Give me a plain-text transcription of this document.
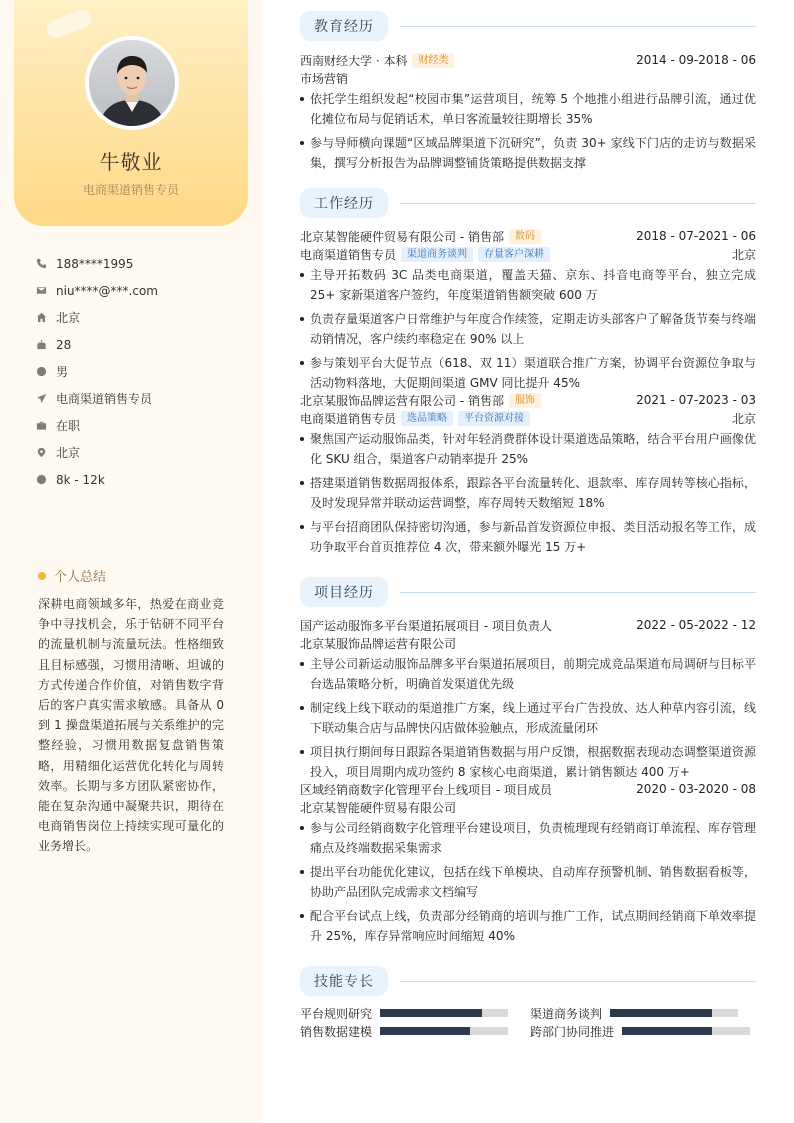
牛敬业
电商渠道销售专员
188****1995
niu****@***.com
北京
28
男
电商渠道销售专员
在职
北京
8k - 12k
个人总结

深耕电商领域多年，热爱在商业竞争中寻找机会，乐于钻研不同平台的流量机制与流量玩法。性格细致且目标感强，习惯用清晰、坦诚的方式传递合作价值，对销售数字背后的客户真实需求敏感。具备从 0 到 1 操盘渠道拓展与关系维护的完整经验，习惯用数据复盘销售策略，用精细化运营优化转化与周转效率。长期与多方团队紧密协作，能在复杂沟通中凝聚共识，期待在电商销售岗位上持续实现可量化的业务增长。

教育经历
西南财经大学 · 本科	财经类	2014 - 09-2018 - 06
市场营销
依托学生组织发起“校园市集”运营项目，统筹 5 个地推小组进行品牌引流，通过优化摊位布局与促销话术，单日客流量较往期增长 35%
参与导师横向课题“区域品牌渠道下沉研究”，负责 30+ 家线下门店的走访与数据采集，撰写分析报告为品牌调整铺货策略提供数据支撑
工作经历
北京某智能硬件贸易有限公司 - 销售部	数码	2018 - 07-2021 - 06
电商渠道销售专员	渠道商务谈判	存量客户深耕	北京
主导开拓数码 3C 品类电商渠道，覆盖天猫、京东、抖音电商等平台，独立完成 25+ 家新渠道客户签约，年度渠道销售额突破 600 万
负责存量渠道客户日常维护与年度合作续签，定期走访头部客户了解备货节奏与终端动销情况，客户续约率稳定在 90% 以上
参与策划平台大促节点（618、双 11）渠道联合推广方案，协调平台资源位争取与活动物料落地，大促期间渠道 GMV 同比提升 45%
北京某服饰品牌运营有限公司 - 销售部	服饰	2021 - 07-2023 - 03
电商渠道销售专员	选品策略	平台资源对接	北京
聚焦国产运动服饰品类，针对年轻消费群体设计渠道选品策略，结合平台用户画像优化 SKU 组合，渠道客户动销率提升 25%
搭建渠道销售数据周报体系，跟踪各平台流量转化、退款率、库存周转等核心指标，及时发现异常并联动运营调整，库存周转天数缩短 18%
与平台招商团队保持密切沟通，参与新品首发资源位申报、类目活动报名等工作，成功争取平台首页推荐位 4 次，带来额外曝光 15 万+
项目经历
国产运动服饰多平台渠道拓展项目 - 项目负责人	2022 - 05-2022 - 12
北京某服饰品牌运营有限公司
主导公司新运动服饰品牌多平台渠道拓展项目，前期完成竞品渠道布局调研与目标平台选品策略分析，明确首发渠道优先级
制定线上线下联动的渠道推广方案，线上通过平台广告投放、达人种草内容引流，线下联动集合店与品牌快闪店做体验触点，形成流量闭环
项目执行期间每日跟踪各渠道销售数据与用户反馈，根据数据表现动态调整渠道资源投入，项目周期内成功签约 8 家核心电商渠道，累计销售额达 400 万+
区域经销商数字化管理平台上线项目 - 项目成员	2020 - 03-2020 - 08
北京某智能硬件贸易有限公司
参与公司经销商数字化管理平台建设项目，负责梳理现有经销商订单流程、库存管理痛点及终端数据采集需求
提出平台功能优化建议，包括在线下单模块、自动库存预警机制、销售数据看板等，协助产品团队完成需求文档编写
配合平台试点上线，负责部分经销商的培训与推广工作，试点期间经销商下单效率提升 25%，库存异常响应时间缩短 40%
技能专长
平台规则研究	渠道商务谈判
销售数据建模	跨部门协同推进
